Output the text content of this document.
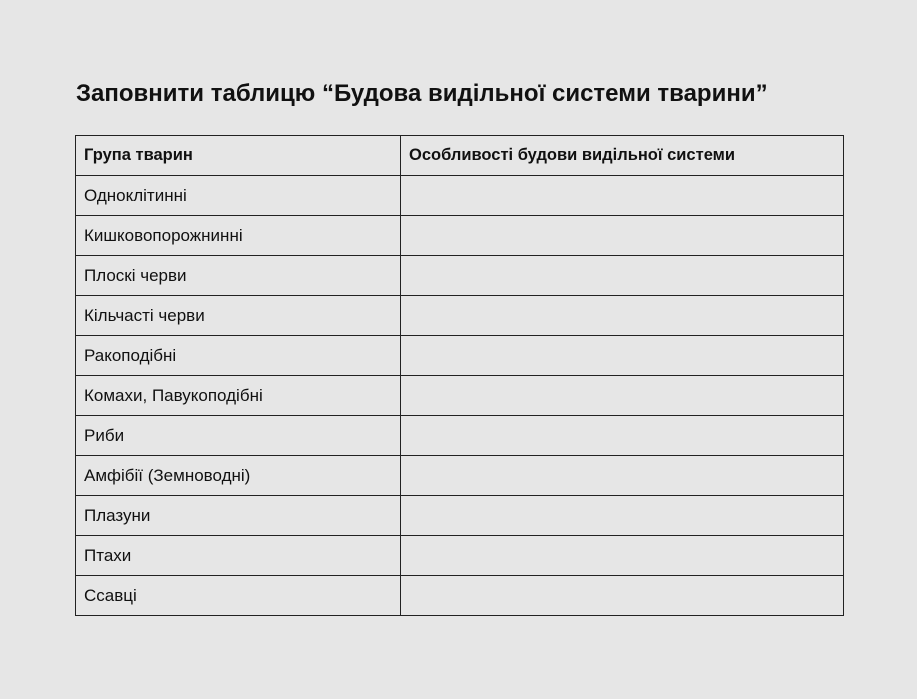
Заповнити таблицю “Будова видільної системи тварини”
Група тварин	Особливості будови видільної системи
Одноклітинні	
Кишковопорожнинні	
Плоскі черви	
Кільчасті черви	
Ракоподібні	
Комахи, Павукоподібні	
Риби	
Амфібії (Земноводні)	
Плазуни	
Птахи	
Ссавці	
